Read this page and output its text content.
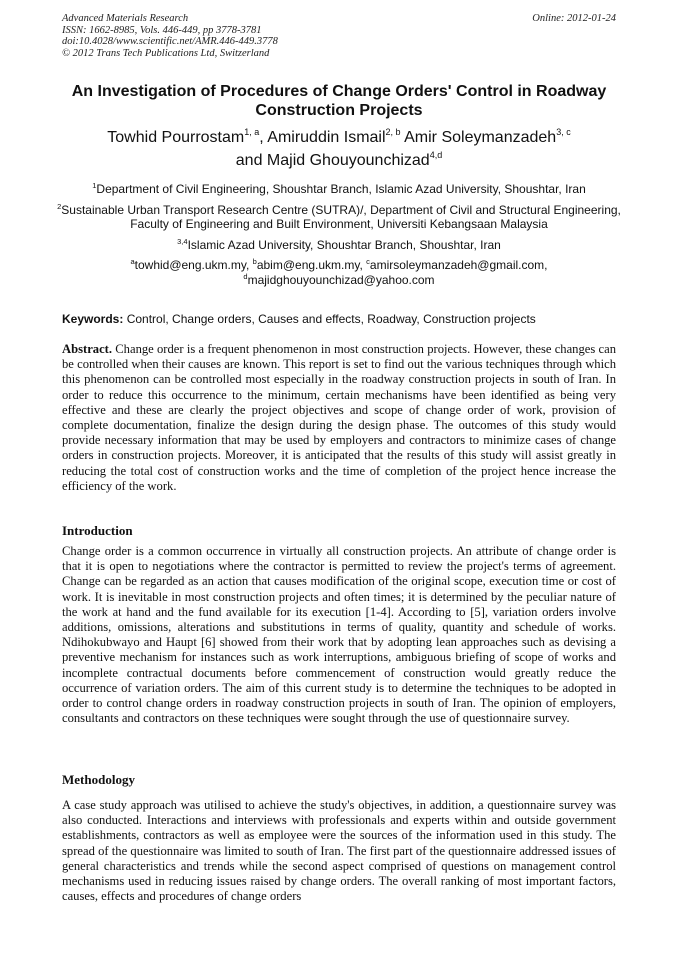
Advanced Materials Research
ISSN: 1662-8985, Vols. 446-449, pp 3778-3781
doi:10.4028/www.scientific.net/AMR.446-449.3778
© 2012 Trans Tech Publications Ltd, Switzerland
Online: 2012-01-24
An Investigation of Procedures of Change Orders' Control in Roadway Construction Projects
Towhid Pourrostam$^{1, a}$, Amiruddin Ismail$^{2, b}$ Amir Soleymanzadeh$^{3, c}$
and Majid Ghouyounchizad$^{4,d}$

$^1$Department of Civil Engineering, Shoushtar Branch, Islamic Azad University, Shoushtar, Iran

$^2$Sustainable Urban Transport Research Centre (SUTRA)/, Department of Civil and Structural Engineering, Faculty of Engineering and Built Environment, Universiti Kebangsaan Malaysia

$^{3,4}$Islamic Azad University, Shoushtar Branch, Shoushtar, Iran

$^a$towhid@eng.ukm.my, $^b$abim@eng.ukm.my, $^c$amirsoleymanzadeh@gmail.com,
$^d$majidghouyounchizad@yahoo.com

Keywords: Control, Change orders, Causes and effects, Roadway, Construction projects

Abstract. Change order is a frequent phenomenon in most construction projects. However, these changes can be controlled when their causes are known. This report is set to find out the various techniques through which this phenomenon can be controlled most especially in the roadway construction projects in south of Iran. In order to reduce this occurrence to the minimum, certain mechanisms have been identified as being very effective and these are clearly the project objectives and scope of change order of work, provision of complete documentation, finalize the design during the design phase. The outcomes of this study would provide necessary information that may be used by employers and contractors to minimize cases of change orders in construction projects. Moreover, it is anticipated that the results of this study will assist greatly in reducing the total cost of construction works and the time of completion of the project hence increase the efficiency of the work.

Introduction

Change order is a common occurrence in virtually all construction projects. An attribute of change order is that it is open to negotiations where the contractor is permitted to review the project's terms of agreement. Change can be regarded as an action that causes modification of the original scope, execution time or cost of work. It is inevitable in most construction projects and often times; it is determined by the peculiar nature of the work at hand and the fund available for its execution [1-4]. According to [5], variation orders involve additions, omissions, alterations and substitutions in terms of quality, quantity and schedule of works. Ndihokubwayo and Haupt [6] showed from their work that by adopting lean approaches such as devising a preventive mechanism for instances such as work interruptions, ambiguous briefing of scope of works and incomplete contractual documents before commencement of construction would greatly reduce the occurrence of variation orders. The aim of this current study is to determine the techniques to be adopted in order to control change orders in roadway construction projects in south of Iran. The opinion of employers, consultants and contractors on these techniques were sought through the use of questionnaire survey.

Methodology

A case study approach was utilised to achieve the study's objectives, in addition, a questionnaire survey was also conducted. Interactions and interviews with professionals and experts within and outside government establishments, contractors as well as employee were the sources of the information used in this study. The spread of the questionnaire was limited to south of Iran. The first part of the questionnaire addressed issues of general characteristics and trends while the second aspect comprised of questions on management control mechanisms used in reducing issues raised by change orders. The overall ranking of most important factors, causes, effects and procedures of change orders
